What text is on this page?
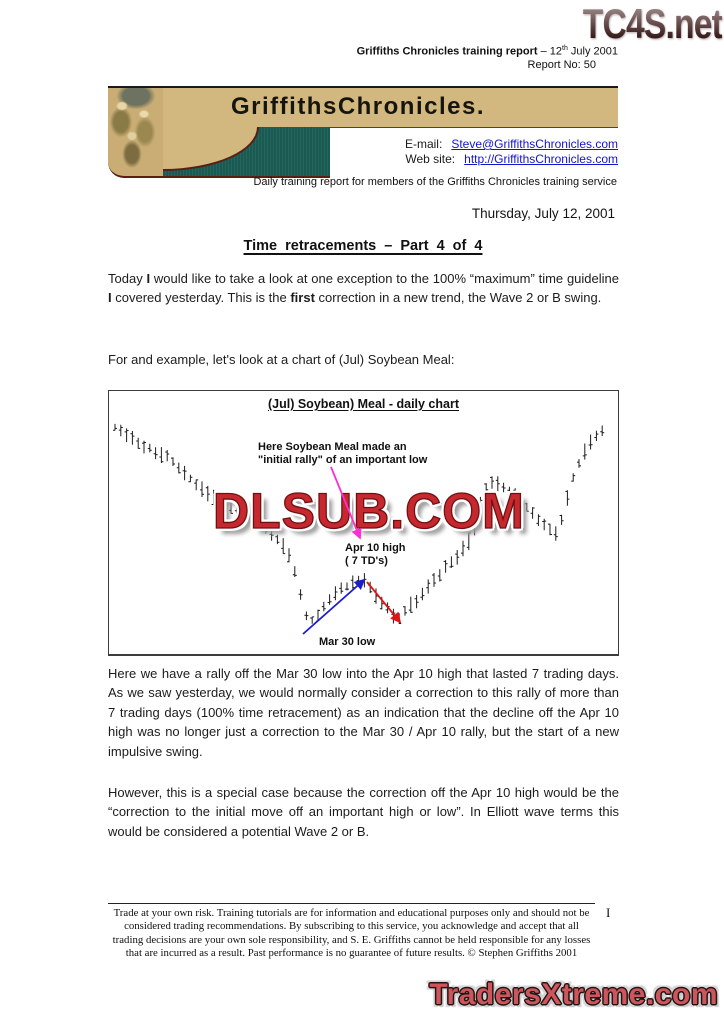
TC4S.net
Griffiths Chronicles training report – 12th July 2001
Report No: 50
GriffithsChronicles.
E-mail: Steve@GriffithsChronicles.com
Web site: http://GriffithsChronicles.com
Daily training report for members of the Griffiths Chronicles training service
Thursday, July 12, 2001
Time retracements – Part 4 of 4

Today I would like to take a look at one exception to the 100% “maximum” time guideline I covered yesterday. This is the first correction in a new trend, the Wave 2 or B swing.

For and example, let's look at a chart of (Jul) Soybean Meal:

DLSUB.COM
(Jul) Soybean) Meal - daily chart
Here Soybean Meal made an
"initial rally" of an important low
Apr 10 high
( 7 TD's)
Mar 30 low

Here we have a rally off the Mar 30 low into the Apr 10 high that lasted 7 trading days. As we saw yesterday, we would normally consider a correction to this rally of more than 7 trading days (100% time retracement) as an indication that the decline off the Apr 10 high was no longer just a correction to the Mar 30 / Apr 10 rally, but the start of a new impulsive swing.

However, this is a special case because the correction off the Apr 10 high would be the “correction to the initial move off an important high or low”. In Elliott wave terms this would be considered a potential Wave 2 or B.

Trade at your own risk. Training tutorials are for information and educational purposes only and should not be considered trading recommendations. By subscribing to this service, you acknowledge and accept that all trading decisions are your own sole responsibility, and S. E. Griffiths cannot be held responsible for any losses that are incurred as a result. Past performance is no guarantee of future results. © Stephen Griffiths 2001
I
TradersXtreme.com
